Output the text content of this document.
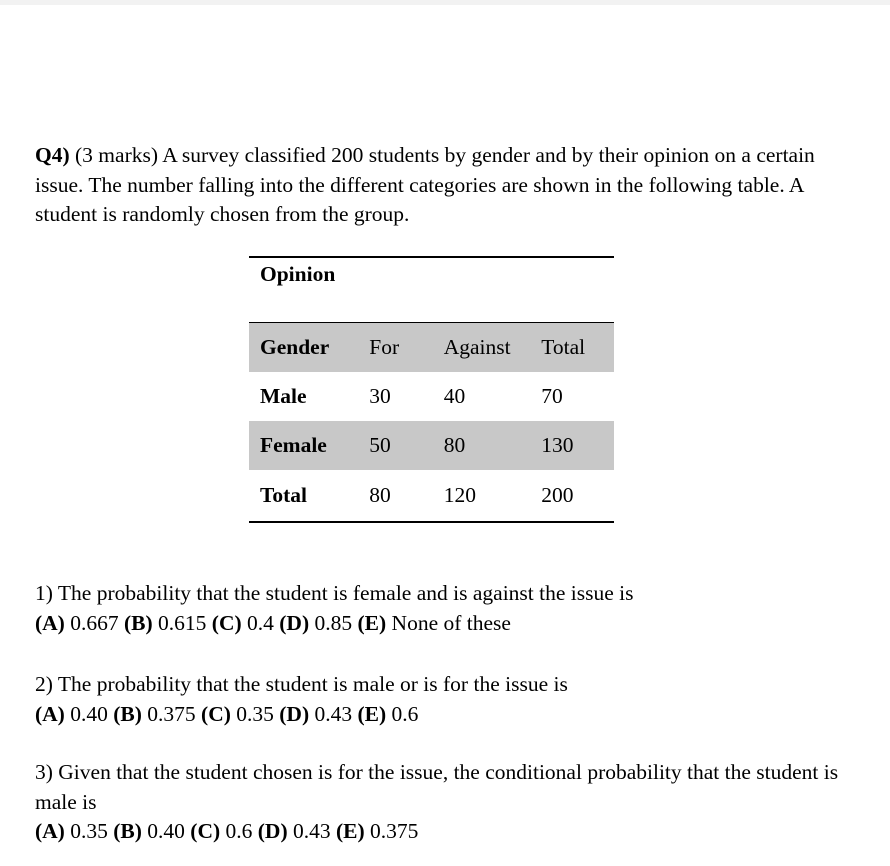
Q4) (3 marks) A survey classified 200 students by gender and by their opinion on a certain issue. The number falling into the different categories are shown in the following table. A student is randomly chosen from the group.
Opinion			
Gender	For	Against	Total
Male	30	40	70
Female	50	80	130
Total	80	120	200
1) The probability that the student is female and is against the issue is
(A) 0.667 (B) 0.615 (C) 0.4 (D) 0.85 (E) None of these
2) The probability that the student is male or is for the issue is
(A) 0.40 (B) 0.375 (C) 0.35 (D) 0.43 (E) 0.6
3) Given that the student chosen is for the issue, the conditional probability that the student is male is
(A) 0.35 (B) 0.40 (C) 0.6 (D) 0.43 (E) 0.375
